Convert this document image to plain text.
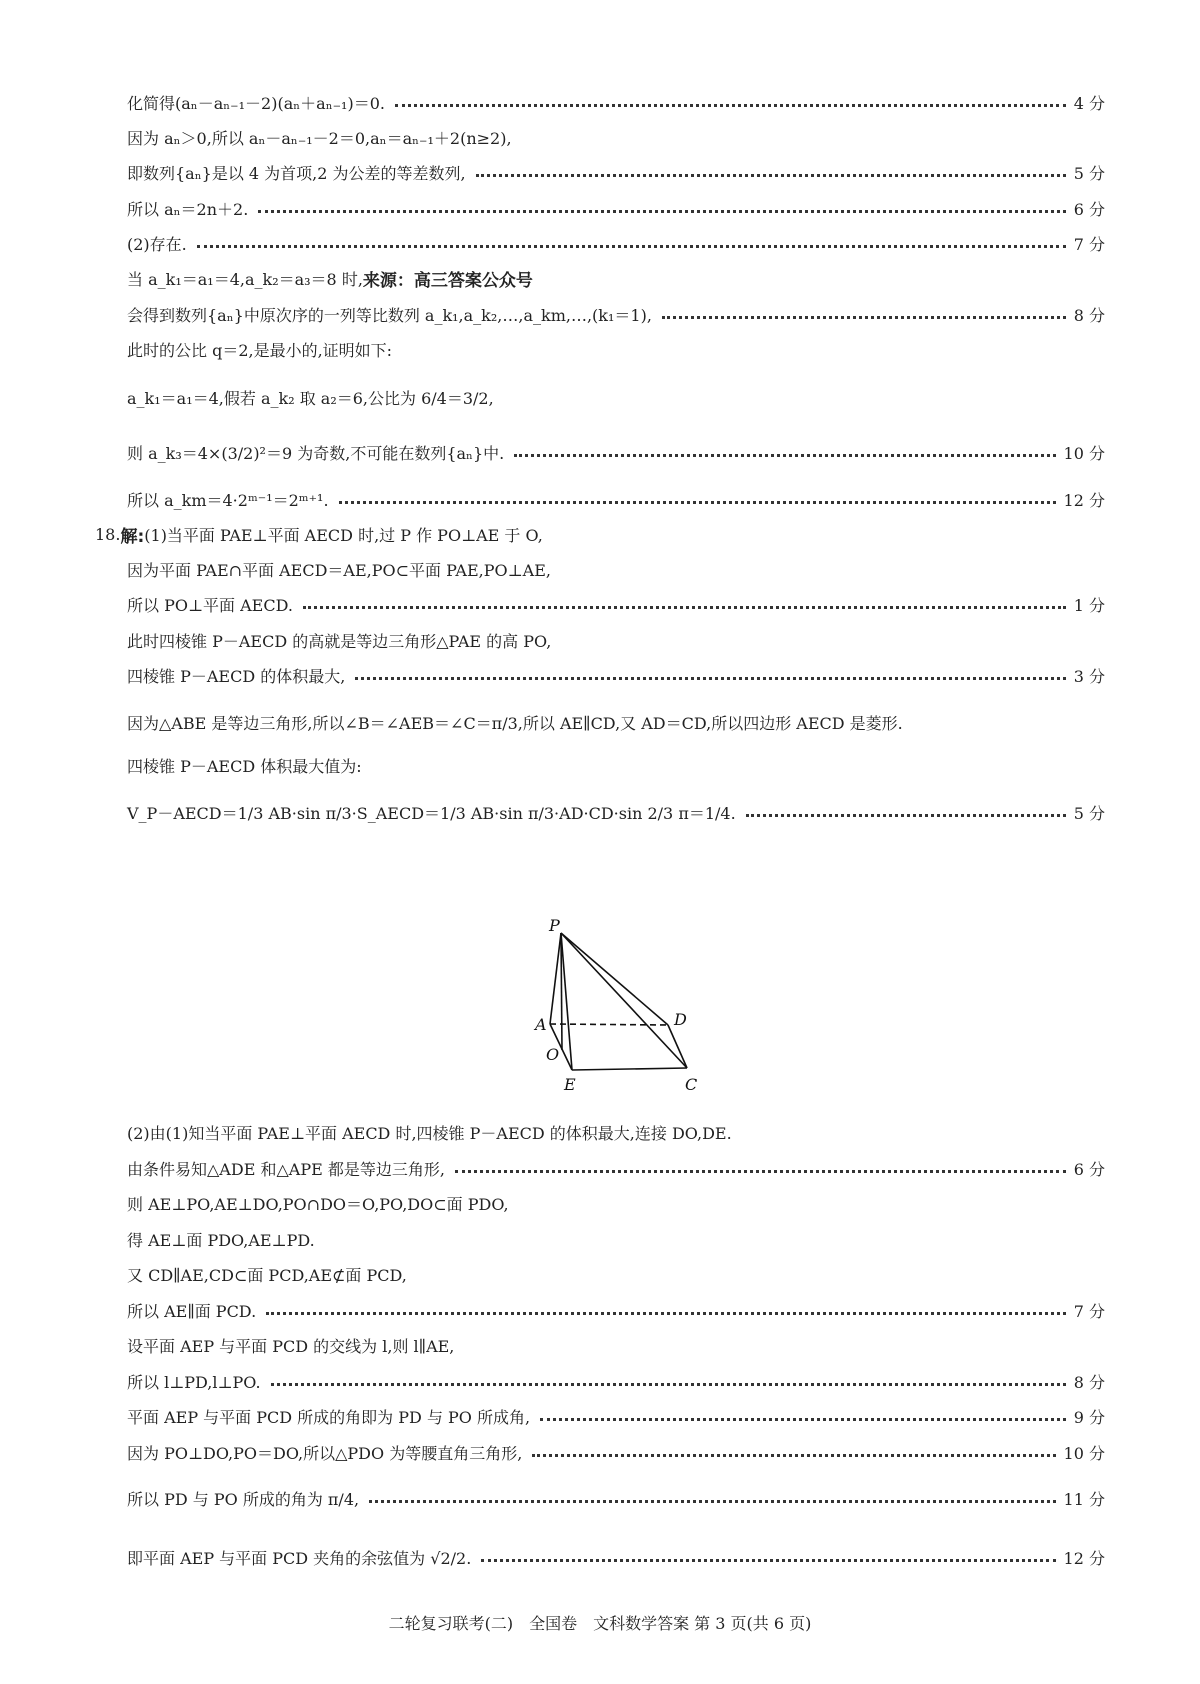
化简得(aₙ－aₙ₋₁－2)(aₙ＋aₙ₋₁)＝0.	4 分
因为 aₙ＞0,所以 aₙ－aₙ₋₁－2＝0,aₙ＝aₙ₋₁＋2(n≥2),
即数列{aₙ}是以 4 为首项,2 为公差的等差数列,	5 分
所以 aₙ＝2n＋2.	6 分
(2)存在.	7 分
当 a_k₁＝a₁＝4,a_k₂＝a₃＝8 时, 来源：高三答案公众号
会得到数列{aₙ}中原次序的一列等比数列 a_k₁,a_k₂,…,a_km,…,(k₁＝1),	8 分
此时的公比 q＝2,是最小的,证明如下:
a_k₁＝a₁＝4,假若 a_k₂ 取 a₂＝6,公比为 6/4＝3/2,
则 a_k₃＝4×(3/2)²＝9 为奇数,不可能在数列{aₙ}中.	10 分
所以 a_km＝4·2ᵐ⁻¹＝2ᵐ⁺¹.	12 分
18. 解: (1)当平面 PAE⊥平面 AECD 时,过 P 作 PO⊥AE 于 O,
因为平面 PAE∩平面 AECD＝AE,PO⊂平面 PAE,PO⊥AE,
所以 PO⊥平面 AECD.	1 分
此时四棱锥 P－AECD 的高就是等边三角形△PAE 的高 PO,
四棱锥 P－AECD 的体积最大,	3 分
因为△ABE 是等边三角形,所以∠B＝∠AEB＝∠C＝π/3,所以 AE∥CD,又 AD＝CD,所以四边形 AECD 是菱形.
四棱锥 P－AECD 体积最大值为:
V_P－AECD＝1/3 AB·sin π/3·S_AECD＝1/3 AB·sin π/3·AD·CD·sin 2/3 π＝1/4.	5 分
P
A	D
O
E	C
(2)由(1)知当平面 PAE⊥平面 AECD 时,四棱锥 P－AECD 的体积最大,连接 DO,DE.
由条件易知△ADE 和△APE 都是等边三角形,	6 分
则 AE⊥PO,AE⊥DO,PO∩DO＝O,PO,DO⊂面 PDO,
得 AE⊥面 PDO,AE⊥PD.
又 CD∥AE,CD⊂面 PCD,AE⊄面 PCD,
所以 AE∥面 PCD.	7 分
设平面 AEP 与平面 PCD 的交线为 l,则 l∥AE,
所以 l⊥PD,l⊥PO.	8 分
平面 AEP 与平面 PCD 所成的角即为 PD 与 PO 所成角,	9 分
因为 PO⊥DO,PO＝DO,所以△PDO 为等腰直角三角形,	10 分
所以 PD 与 PO 所成的角为 π/4,	11 分
即平面 AEP 与平面 PCD 夹角的余弦值为 √2/2.	12 分
二轮复习联考(二)　全国卷　文科数学答案 第 3 页(共 6 页)
